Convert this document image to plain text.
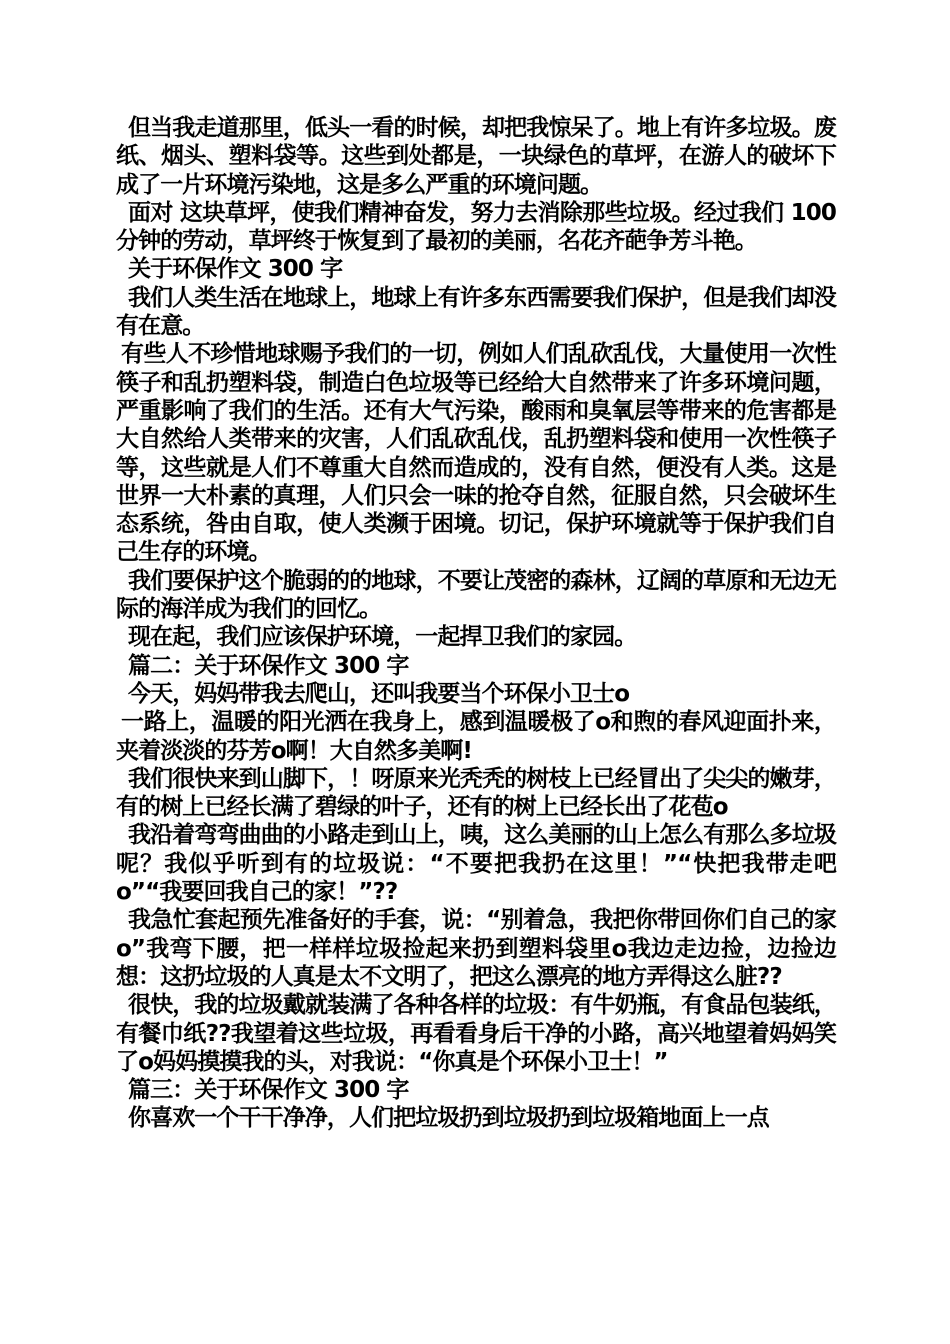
但当我走道那里，低头一看的时候，却把我惊呆了。地上有许多垃圾。废纸、烟头、塑料袋等。这些到处都是，一块绿色的草坪，在游人的破坏下成了一片环境污染地，这是多么严重的环境问题。

面对 这块草坪，使我们精神奋发，努力去消除那些垃圾。经过我们 100 分钟的劳动，草坪终于恢复到了最初的美丽，名花齐葩争芳斗艳。

关于环保作文 300 字

我们人类生活在地球上，地球上有许多东西需要我们保护，但是我们却没有在意。

有些人不珍惜地球赐予我们的一切，例如人们乱砍乱伐，大量使用一次性筷子和乱扔塑料袋，制造白色垃圾等已经给大自然带来了许多环境问题，严重影响了我们的生活。还有大气污染，酸雨和臭氧层等带来的危害都是大自然给人类带来的灾害，人们乱砍乱伐，乱扔塑料袋和使用一次性筷子等，这些就是人们不尊重大自然而造成的，没有自然，便没有人类。这是世界一大朴素的真理，人们只会一味的抢夺自然，征服自然，只会破坏生态系统，咎由自取，使人类濒于困境。切记，保护环境就等于保护我们自己生存的环境。

我们要保护这个脆弱的的地球，不要让茂密的森林，辽阔的草原和无边无际的海洋成为我们的回忆。

现在起，我们应该保护环境，一起捍卫我们的家园。

篇二：关于环保作文 300 字

今天，妈妈带我去爬山，还叫我要当个环保小卫士ο

一路上，温暖的阳光洒在我身上，感到温暖极了ο和煦的春风迎面扑来，夹着淡淡的芬芳ο啊！大自然多美啊!

我们很快来到山脚下，！呀原来光秃秃的树枝上已经冒出了尖尖的嫩芽，有的树上已经长满了碧绿的叶子，还有的树上已经长出了花苞ο

我沿着弯弯曲曲的小路走到山上，咦，这么美丽的山上怎么有那么多垃圾呢？我似乎听到有的垃圾说：“不要把我扔在这里！”“快把我带走吧ο”“我要回我自己的家！”??

我急忙套起预先准备好的手套，说：“别着急，我把你带回你们自己的家ο”我弯下腰，把一样样垃圾捡起来扔到塑料袋里ο我边走边捡，边捡边想：这扔垃圾的人真是太不文明了，把这么漂亮的地方弄得这么脏??

很快，我的垃圾戴就装满了各种各样的垃圾：有牛奶瓶，有食品包装纸，有餐巾纸??我望着这些垃圾，再看看身后干净的小路，高兴地望着妈妈笑了ο妈妈摸摸我的头，对我说：“你真是个环保小卫士！”

篇三：关于环保作文 300 字

你喜欢一个干干净净，人们把垃圾扔到垃圾扔到垃圾箱地面上一点
